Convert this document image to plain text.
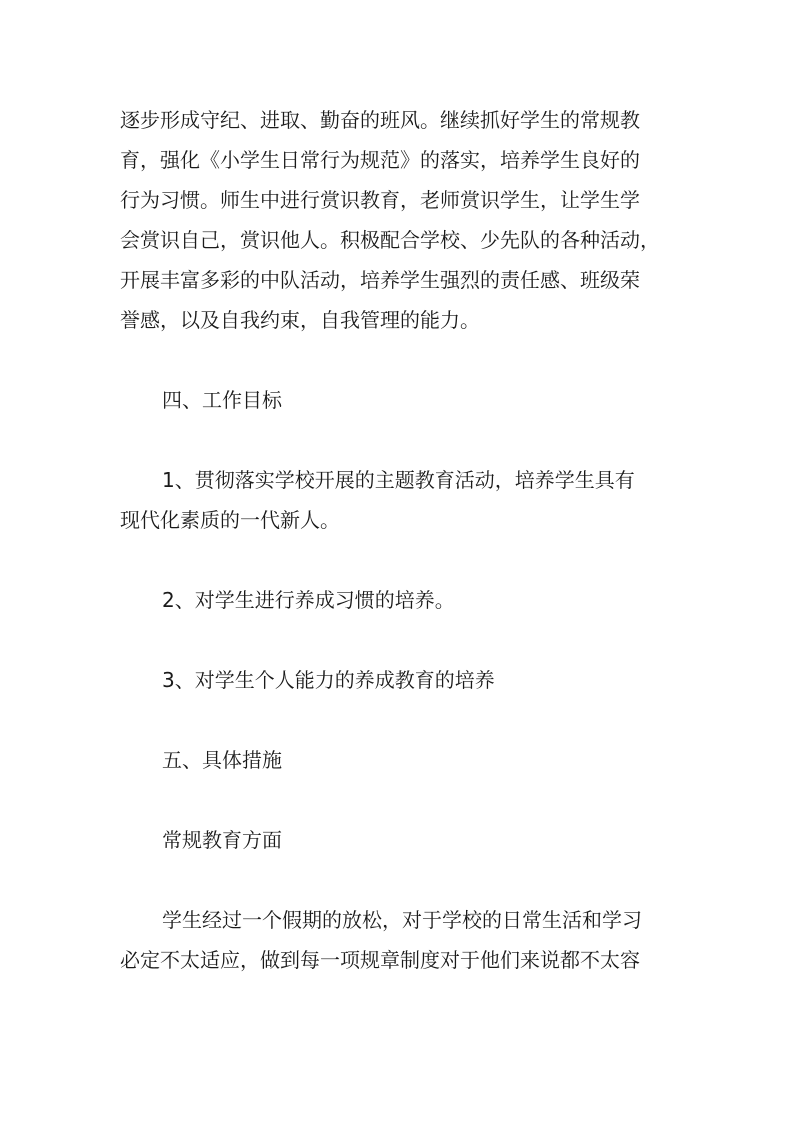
逐步形成守纪、进取、勤奋的班风。继续抓好学生的常规教

育，强化《小学生日常行为规范》的落实，培养学生良好的

行为习惯。师生中进行赏识教育，老师赏识学生，让学生学

会赏识自己，赏识他人。积极配合学校、少先队的各种活动，

开展丰富多彩的中队活动，培养学生强烈的责任感、班级荣

誉感，以及自我约束，自我管理的能力。

四、工作目标

1、贯彻落实学校开展的主题教育活动，培养学生具有

现代化素质的一代新人。

2、对学生进行养成习惯的培养。

3、对学生个人能力的养成教育的培养

五、具体措施
常规教育方面

学生经过一个假期的放松，对于学校的日常生活和学习

必定不太适应，做到每一项规章制度对于他们来说都不太容
